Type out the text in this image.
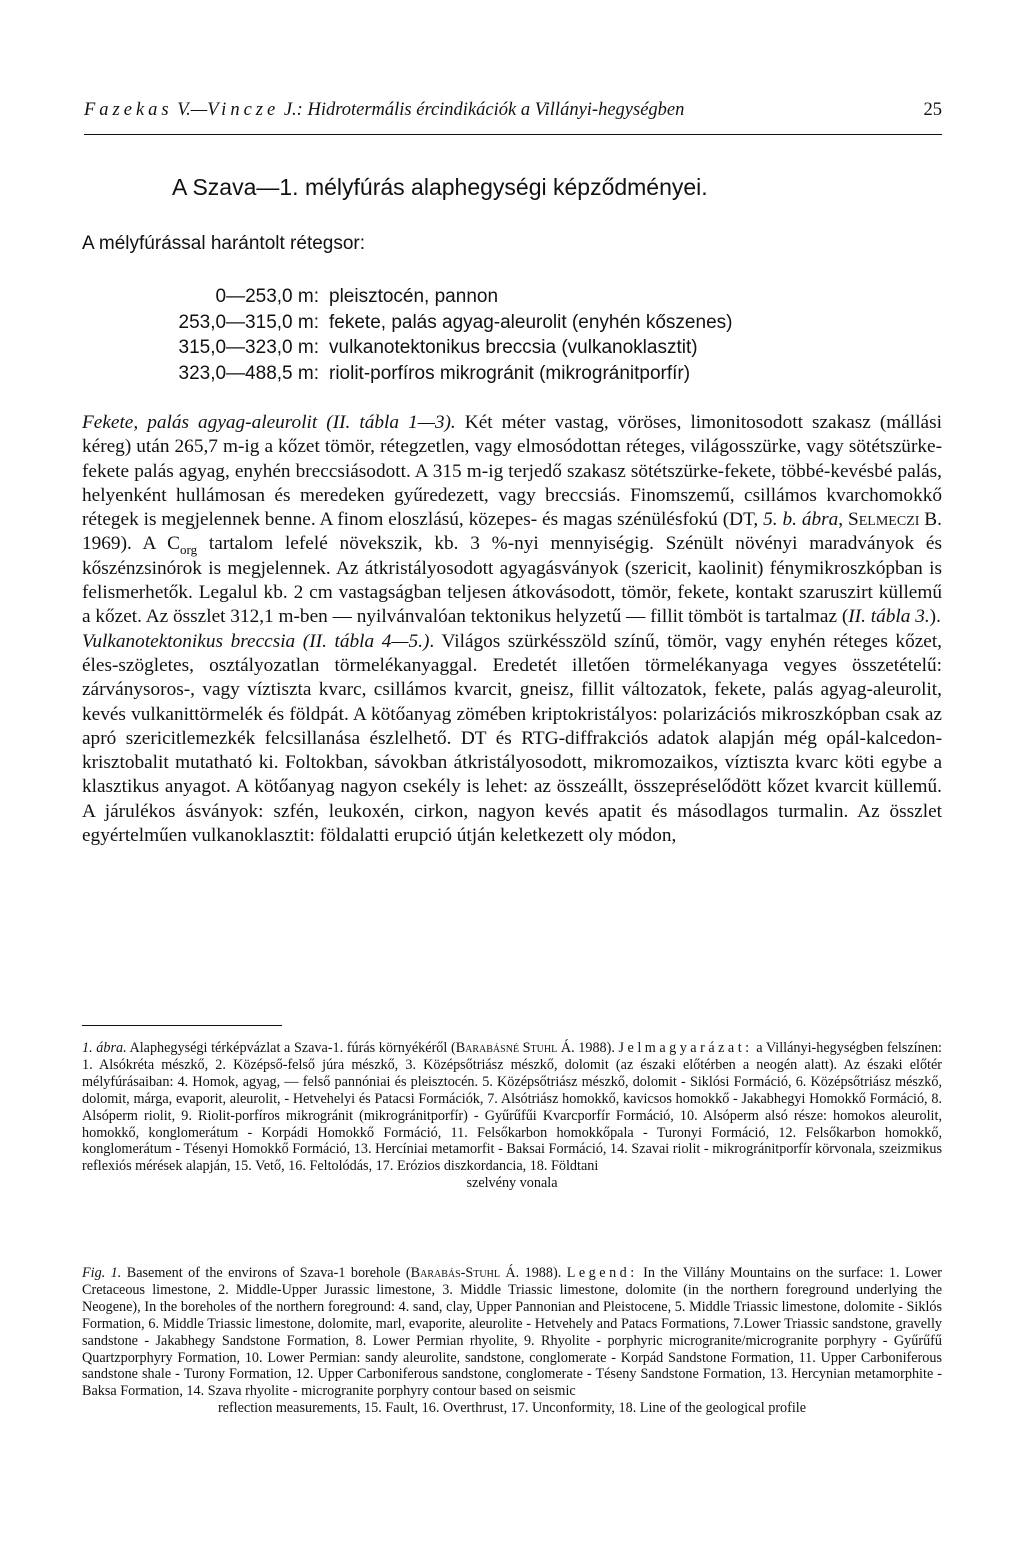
Fazekas V.—Vincze J.: Hidrotermális ércindikációk a Villányi-hegységben	25
A Szava—1. mélyfúrás alaphegységi képződményei.
A mélyfúrással harántolt rétegsor:
0—253,0 m: pleisztocén, pannon
253,0—315,0 m: fekete, palás agyag-aleurolit (enyhén kőszenes)
315,0—323,0 m: vulkanotektonikus breccsia (vulkanoklasztit)
323,0—488,5 m: riolit-porfíros mikrogránit (mikrogránitporfír)

Fekete, palás agyag-aleurolit (II. tábla 1—3). Két méter vastag, vöröses, limonitosodott szakasz (mállási kéreg) után 265,7 m-ig a kőzet tömör, rétegzetlen, vagy elmosódottan réteges, világosszürke, vagy sötétszürke-fekete palás agyag, enyhén breccsiásodott. A 315 m-ig terjedő szakasz sötétszürke-fekete, többé-kevésbé palás, helyenként hullámosan és meredeken gyűredezett, vagy breccsiás. Finomszemű, csillámos kvarchomokkő rétegek is megjelennek benne. A finom eloszlású, közepes- és magas szénülésfokú (DT, 5. b. ábra, Selmeczi B. 1969). A $C_{org}$ tartalom lefelé növekszik, kb. 3 %-nyi mennyiségig. Szénült növényi maradványok és kőszénzsinórok is megjelennek. Az átkristályosodott agyagásványok (szericit, kaolinit) fénymikroszkópban is felismerhetők. Legalul kb. 2 cm vastagságban teljesen átkovásodott, tömör, fekete, kontakt szaruszirt küllemű a kőzet. Az összlet 312,1 m-ben — nyilvánvalóan tektonikus helyzetű — fillit tömböt is tartalmaz (II. tábla 3.).

Vulkanotektonikus breccsia (II. tábla 4—5.). Világos szürkésszöld színű, tömör, vagy enyhén réteges kőzet, éles-szögletes, osztályozatlan törmelékanyaggal. Eredetét illetően törmelékanyaga vegyes összetételű: zárványsoros-, vagy víztiszta kvarc, csillámos kvarcit, gneisz, fillit változatok, fekete, palás agyag-aleurolit, kevés vulkanittörmelék és földpát. A kötőanyag zömében kriptokristályos: polarizációs mikroszkópban csak az apró szericitlemezkék felcsillanása észlelhető. DT és RTG-diffrakciós adatok alapján még opál-kalcedon-krisztobalit mutatható ki. Foltokban, sávokban átkristályosodott, mikromozaikos, víztiszta kvarc köti egybe a klasztikus anyagot. A kötőanyag nagyon csekély is lehet: az összeállt, összepréselődött kőzet kvarcit küllemű. A járulékos ásványok: szfén, leukoxén, cirkon, nagyon kevés apatit és másodlagos turmalin. Az összlet egyértelműen vulkanoklasztit: földalatti erupció útján keletkezett oly módon,

1. ábra. Alaphegységi térképvázlat a Szava-1. fúrás környékéről (Barabásné Stuhl Á. 1988). Jelmagyarázat: a Villányi-hegységben felszínen: 1. Alsókréta mészkő, 2. Középső-felső júra mészkő, 3. Középsőtriász mészkő, dolomit (az északi előtérben a neogén alatt). Az északi előtér mélyfúrásaiban: 4. Homok, agyag, — felső pannóniai és pleisztocén. 5. Középsőtriász mészkő, dolomit - Siklósi Formáció, 6. Középsőtriász mészkő, dolomit, márga, evaporit, aleurolit, - Hetvehelyi és Patacsi Formációk, 7. Alsótriász homokkő, kavicsos homokkő - Jakabhegyi Homokkő Formáció, 8. Alsóperm riolit, 9. Riolit-porfíros mikrogránit (mikrogránitporfír) - Gyűrűfűi Kvarcporfír Formáció, 10. Alsóperm alsó része: homokos aleurolit, homokkő, konglomerátum - Korpádi Homokkő Formáció, 11. Felsőkarbon homokkőpala - Turonyi Formáció, 12. Felsőkarbon homokkő, konglomerátum - Tésenyi Homokkő Formáció, 13. Hercíniai metamorfit - Baksai Formáció, 14. Szavai riolit - mikrogránitporfír körvonala, szeizmikus reflexiós mérések alapján, 15. Vető, 16. Feltolódás, 17. Erózios diszkordancia, 18. Földtani
szelvény vonala
Fig. 1. Basement of the environs of Szava-1 borehole (Barabás-Stuhl Á. 1988). Legend: In the Villány Mountains on the surface: 1. Lower Cretaceous limestone, 2. Middle-Upper Jurassic limestone, 3. Middle Triassic limestone, dolomite (in the northern foreground underlying the Neogene), In the boreholes of the northern foreground: 4. sand, clay, Upper Pannonian and Pleistocene, 5. Middle Triassic limestone, dolomite - Siklós Formation, 6. Middle Triassic limestone, dolomite, marl, evaporite, aleurolite - Hetvehely and Patacs Formations, 7.Lower Triassic sandstone, gravelly sandstone - Jakabhegy Sandstone Formation, 8. Lower Permian rhyolite, 9. Rhyolite - porphyric microgranite/microgranite porphyry - Gyűrűfű Quartzporphyry Formation, 10. Lower Permian: sandy aleurolite, sandstone, conglomerate - Korpád Sandstone Formation, 11. Upper Carboniferous sandstone shale - Turony Formation, 12. Upper Carboniferous sandstone, conglomerate - Téseny Sandstone Formation, 13. Hercynian metamorphite - Baksa Formation, 14. Szava rhyolite - microgranite porphyry contour based on seismic
reflection measurements, 15. Fault, 16. Overthrust, 17. Unconformity, 18. Line of the geological profile
